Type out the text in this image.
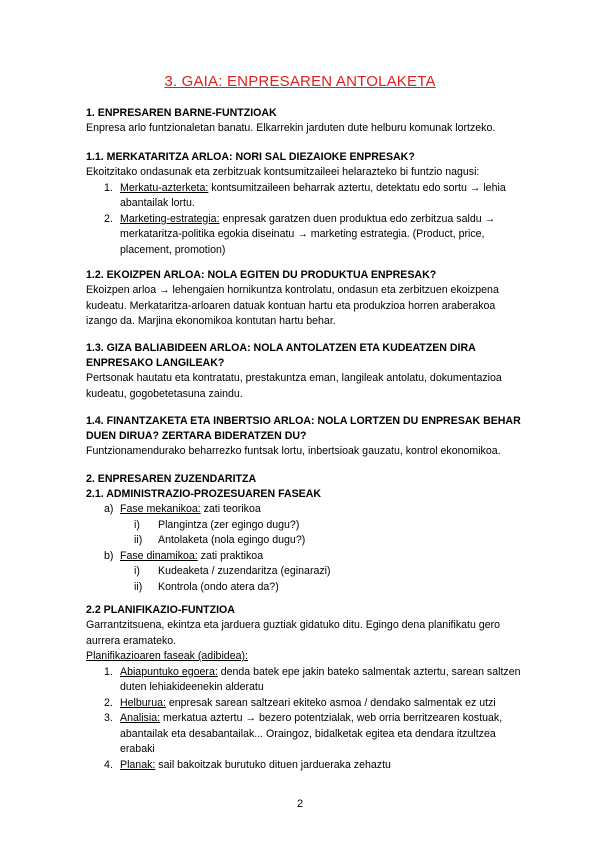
3. GAIA: ENPRESAREN ANTOLAKETA
1. ENPRESAREN BARNE-FUNTZIOAK
Enpresa arlo funtzionaletan banatu. Elkarrekin jarduten dute helburu komunak lortzeko.
1.1. MERKATARITZA ARLOA: NORI SAL DIEZAIOKE ENPRESAK?
Ekoitzitako ondasunak eta zerbitzuak kontsumitzaileei helarazteko bi funtzio nagusi:
1. Merkatu-azterketa: kontsumitzaileen beharrak aztertu, detektatu edo sortu → lehia abantailak lortu.
2. Marketing-estrategia: enpresak garatzen duen produktua edo zerbitzua saldu → merkataritza-politika egokia diseinatu → marketing estrategia. (Product, price, placement, promotion)
1.2. EKOIZPEN ARLOA: NOLA EGITEN DU PRODUKTUA ENPRESAK?
Ekoizpen arloa → lehengaien hornikuntza kontrolatu, ondasun eta zerbitzuen ekoizpena kudeatu. Merkataritza-arloaren datuak kontuan hartu eta produkzioa horren araberakoa izango da. Marjina ekonomikoa kontutan hartu behar.
1.3. GIZA BALIABIDEEN ARLOA: NOLA ANTOLATZEN ETA KUDEATZEN DIRA ENPRESAKO LANGILEAK?
Pertsonak hautatu eta kontratatu, prestakuntza eman, langileak antolatu, dokumentazioa kudeatu, gogobetetasuna zaindu.
1.4. FINANTZAKETA ETA INBERTSIO ARLOA: NOLA LORTZEN DU ENPRESAK BEHAR DUEN DIRUA? ZERTARA BIDERATZEN DU?
Funtzionamendurako beharrezko funtsak lortu, inbertsioak gauzatu, kontrol ekonomikoa.
2. ENPRESAREN ZUZENDARITZA
2.1. ADMINISTRAZIO-PROZESUAREN FASEAK
a) Fase mekanikoa: zati teorikoa
i) Plangintza (zer egingo dugu?)
ii) Antolaketa (nola egingo dugu?)
b) Fase dinamikoa: zati praktikoa
i) Kudeaketa / zuzendaritza (eginarazi)
ii) Kontrola (ondo atera da?)
2.2 PLANIFIKAZIO-FUNTZIOA
Garrantzitsuena, ekintza eta jarduera guztiak gidatuko ditu. Egingo dena planifikatu gero aurrera eramateko.
Planifikazioaren faseak (adibidea):
1. Abiapuntuko egoera: denda batek epe jakin bateko salmentak aztertu, sarean saltzen duten lehiakideenekin alderatu
2. Helburua: enpresak sarean saltzeari ekiteko asmoa / dendako salmentak ez utzi
3. Analisia: merkatua aztertu → bezero potentzialak, web orria berritzearen kostuak, abantailak eta desabantailak... Oraingoz, bidalketak egitea eta dendara itzultzea erabaki
4. Planak: sail bakoitzak burutuko dituen jardueraka zehaztu
2
